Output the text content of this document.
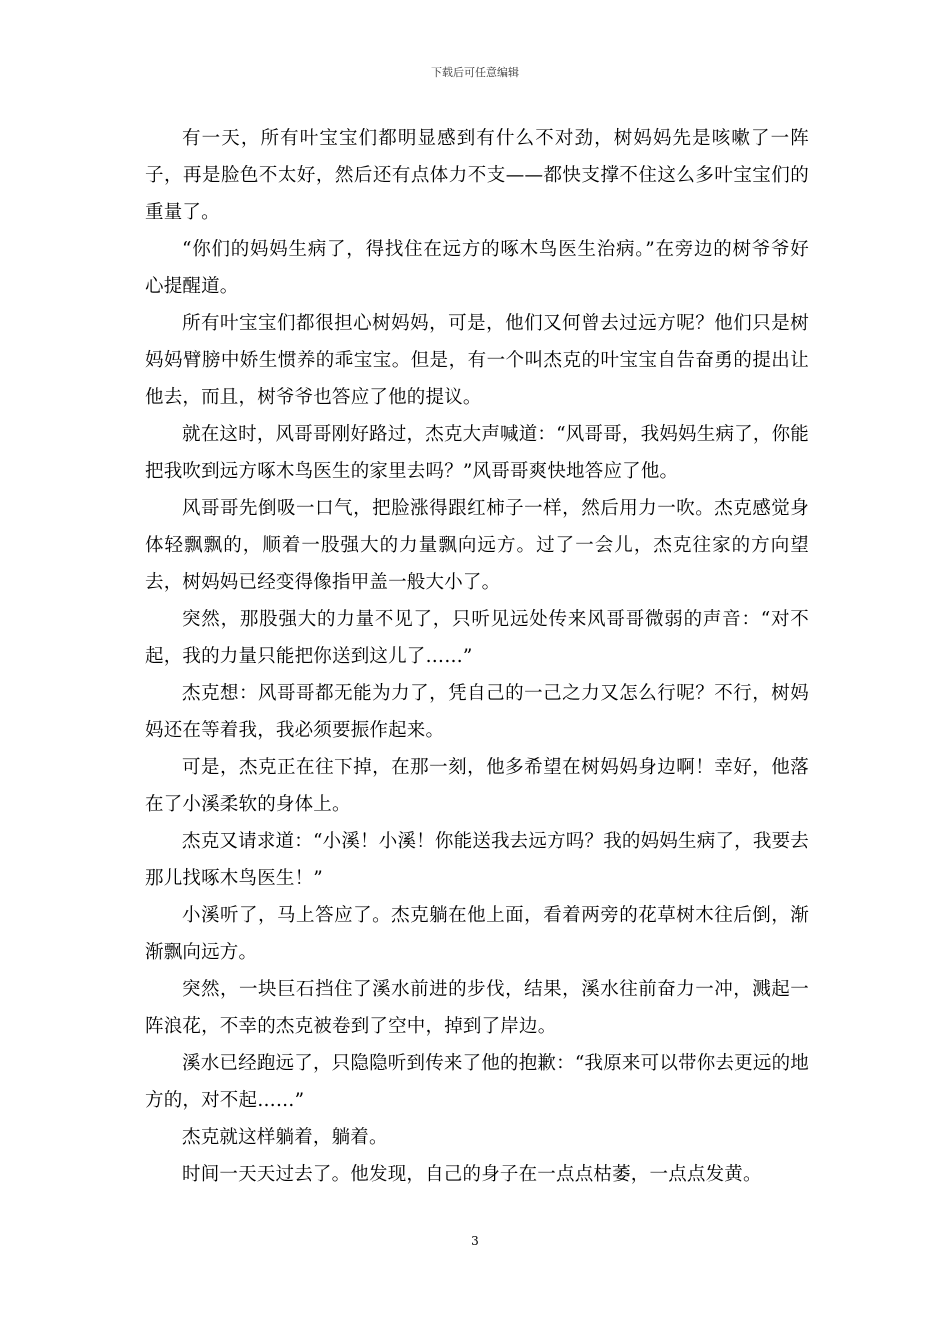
下载后可任意编辑

有一天，所有叶宝宝们都明显感到有什么不对劲，树妈妈先是咳嗽了一阵子，再是脸色不太好，然后还有点体力不支——都快支撑不住这么多叶宝宝们的重量了。

“你们的妈妈生病了，得找住在远方的啄木鸟医生治病。”在旁边的树爷爷好心提醒道。

所有叶宝宝们都很担心树妈妈，可是，他们又何曾去过远方呢？他们只是树妈妈臂膀中娇生惯养的乖宝宝。但是，有一个叫杰克的叶宝宝自告奋勇的提出让他去，而且，树爷爷也答应了他的提议。

就在这时，风哥哥刚好路过，杰克大声喊道：“风哥哥，我妈妈生病了，你能把我吹到远方啄木鸟医生的家里去吗？”风哥哥爽快地答应了他。

风哥哥先倒吸一口气，把脸涨得跟红柿子一样，然后用力一吹。杰克感觉身体轻飘飘的，顺着一股强大的力量飘向远方。过了一会儿，杰克往家的方向望去，树妈妈已经变得像指甲盖一般大小了。

突然，那股强大的力量不见了，只听见远处传来风哥哥微弱的声音：“对不起，我的力量只能把你送到这儿了……”

杰克想：风哥哥都无能为力了，凭自己的一己之力又怎么行呢？不行，树妈妈还在等着我，我必须要振作起来。

可是，杰克正在往下掉，在那一刻，他多希望在树妈妈身边啊！幸好，他落在了小溪柔软的身体上。

杰克又请求道：“小溪！小溪！你能送我去远方吗？我的妈妈生病了，我要去那儿找啄木鸟医生！”

小溪听了，马上答应了。杰克躺在他上面，看着两旁的花草树木往后倒，渐渐飘向远方。

突然，一块巨石挡住了溪水前进的步伐，结果，溪水往前奋力一冲，溅起一阵浪花，不幸的杰克被卷到了空中，掉到了岸边。

溪水已经跑远了，只隐隐听到传来了他的抱歉：“我原来可以带你去更远的地方的，对不起……”

杰克就这样躺着，躺着。

时间一天天过去了。他发现，自己的身子在一点点枯萎，一点点发黄。

3
